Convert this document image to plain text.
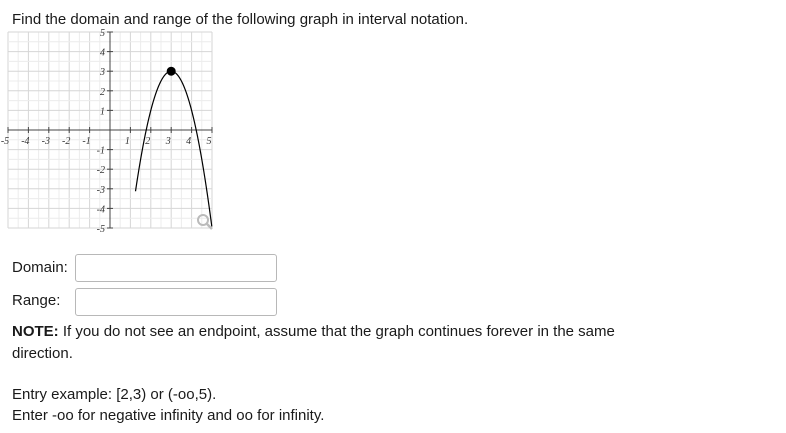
Find the domain and range of the following graph in interval notation.
-5 -4 -3 -2 -1	1 2 3 4 5
5
4
3
2
1
-1
-2
-3
-4
-5
Domain:
Range:
NOTE: If you do not see an endpoint, assume that the graph continues forever in the same direction.
Entry example: [2,3) or (-oo,5).
Enter -oo for negative infinity and oo for infinity.
